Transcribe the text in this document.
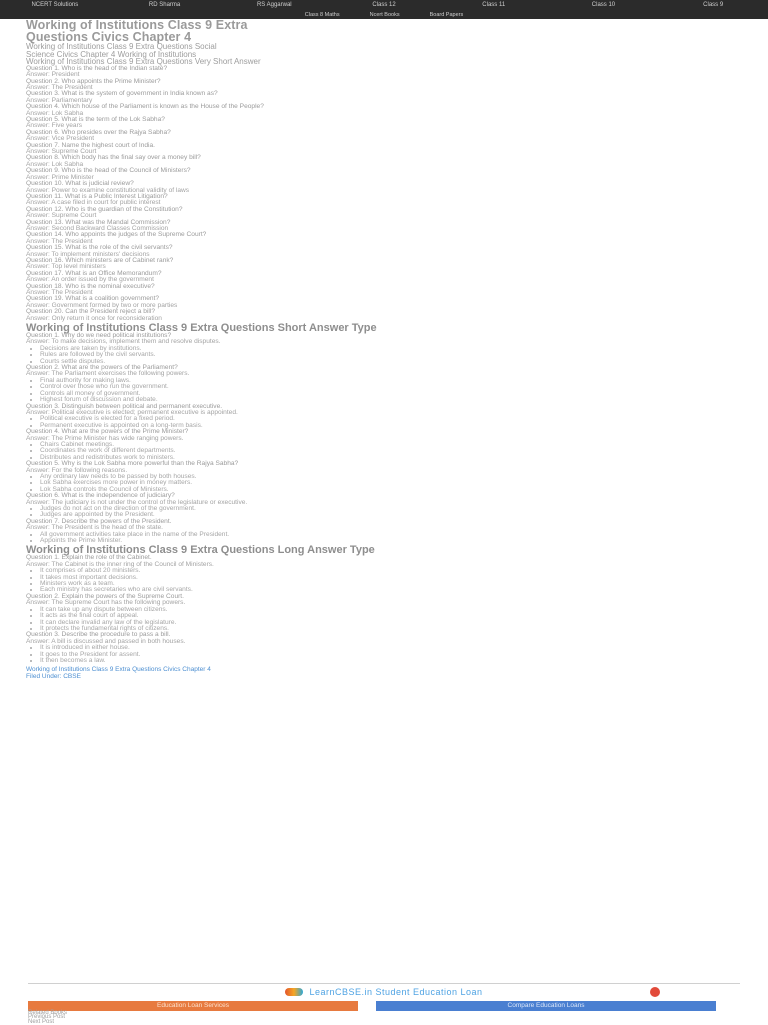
NCERT Solutions	RD Sharma	RS Aggarwal	Class 12	Class 11	Class 10	Class 9
Class 8 Maths	Ncert Books	Board Papers
Working of Institutions Class 9 Extra
Questions Civics Chapter 4

Working of Institutions Class 9 Extra Questions Social

Science Civics Chapter 4 Working of Institutions

Working of Institutions Class 9 Extra Questions Very Short Answer

Question 1. Who is the head of the Indian state?

Answer: President

Question 2. Who appoints the Prime Minister?

Answer: The President

Question 3. What is the system of government in India known as?

Answer: Parliamentary

Question 4. Which house of the Parliament is known as the House of the People?

Answer: Lok Sabha

Question 5. What is the term of the Lok Sabha?

Answer: Five years

Question 6. Who presides over the Rajya Sabha?

Answer: Vice President

Question 7. Name the highest court of India.

Answer: Supreme Court

Question 8. Which body has the final say over a money bill?

Answer: Lok Sabha

Question 9. Who is the head of the Council of Ministers?

Answer: Prime Minister

Question 10. What is judicial review?

Answer: Power to examine constitutional validity of laws

Question 11. What is a Public Interest Litigation?

Answer: A case filed in court for public interest

Question 12. Who is the guardian of the Constitution?

Answer: Supreme Court

Question 13. What was the Mandal Commission?

Answer: Second Backward Classes Commission

Question 14. Who appoints the judges of the Supreme Court?

Answer: The President

Question 15. What is the role of the civil servants?

Answer: To implement ministers' decisions

Question 16. Which ministers are of Cabinet rank?

Answer: Top level ministers

Question 17. What is an Office Memorandum?

Answer: An order issued by the government

Question 18. Who is the nominal executive?

Answer: The President

Question 19. What is a coalition government?

Answer: Government formed by two or more parties

Question 20. Can the President reject a bill?

Answer: Only return it once for reconsideration

Working of Institutions Class 9 Extra Questions Short Answer Type

Question 1. Why do we need political institutions?

Answer: To make decisions, implement them and resolve disputes.

• Decisions are taken by institutions.
• Rules are followed by the civil servants.
• Courts settle disputes.

Question 2. What are the powers of the Parliament?

Answer: The Parliament exercises the following powers.

• Final authority for making laws.
• Control over those who run the government.
• Controls all money of government.
• Highest forum of discussion and debate.

Question 3. Distinguish between political and permanent executive.

Answer: Political executive is elected; permanent executive is appointed.

• Political executive is elected for a fixed period.
• Permanent executive is appointed on a long-term basis.

Question 4. What are the powers of the Prime Minister?

Answer: The Prime Minister has wide ranging powers.

• Chairs Cabinet meetings.
• Coordinates the work of different departments.
• Distributes and redistributes work to ministers.

Question 5. Why is the Lok Sabha more powerful than the Rajya Sabha?

Answer: For the following reasons.

• Any ordinary law needs to be passed by both houses.
• Lok Sabha exercises more power in money matters.
• Lok Sabha controls the Council of Ministers.

Question 6. What is the independence of judiciary?

Answer: The judiciary is not under the control of the legislature or executive.

• Judges do not act on the direction of the government.
• Judges are appointed by the President.

Question 7. Describe the powers of the President.

Answer: The President is the head of the state.

• All government activities take place in the name of the President.
• Appoints the Prime Minister.
Working of Institutions Class 9 Extra Questions Long Answer Type

Question 1. Explain the role of the Cabinet.

Answer: The Cabinet is the inner ring of the Council of Ministers.

• It comprises of about 20 ministers.
• It takes most important decisions.
• Ministers work as a team.
• Each ministry has secretaries who are civil servants.

Question 2. Explain the powers of the Supreme Court.

Answer: The Supreme Court has the following powers.

• It can take up any dispute between citizens.
• It acts as the final court of appeal.
• It can declare invalid any law of the legislature.
• It protects the fundamental rights of citizens.

Question 3. Describe the procedure to pass a bill.

Answer: A bill is discussed and passed in both houses.

• It is introduced in either house.
• It goes to the President for assent.
• It then becomes a law.

Working of Institutions Class 9 Extra Questions Civics Chapter 4
Filed Under: CBSE

LearnCBSE.in Student Education Loan
Education Loan Services	Compare Education Loans
Related Books
Previous Post
Next Post
